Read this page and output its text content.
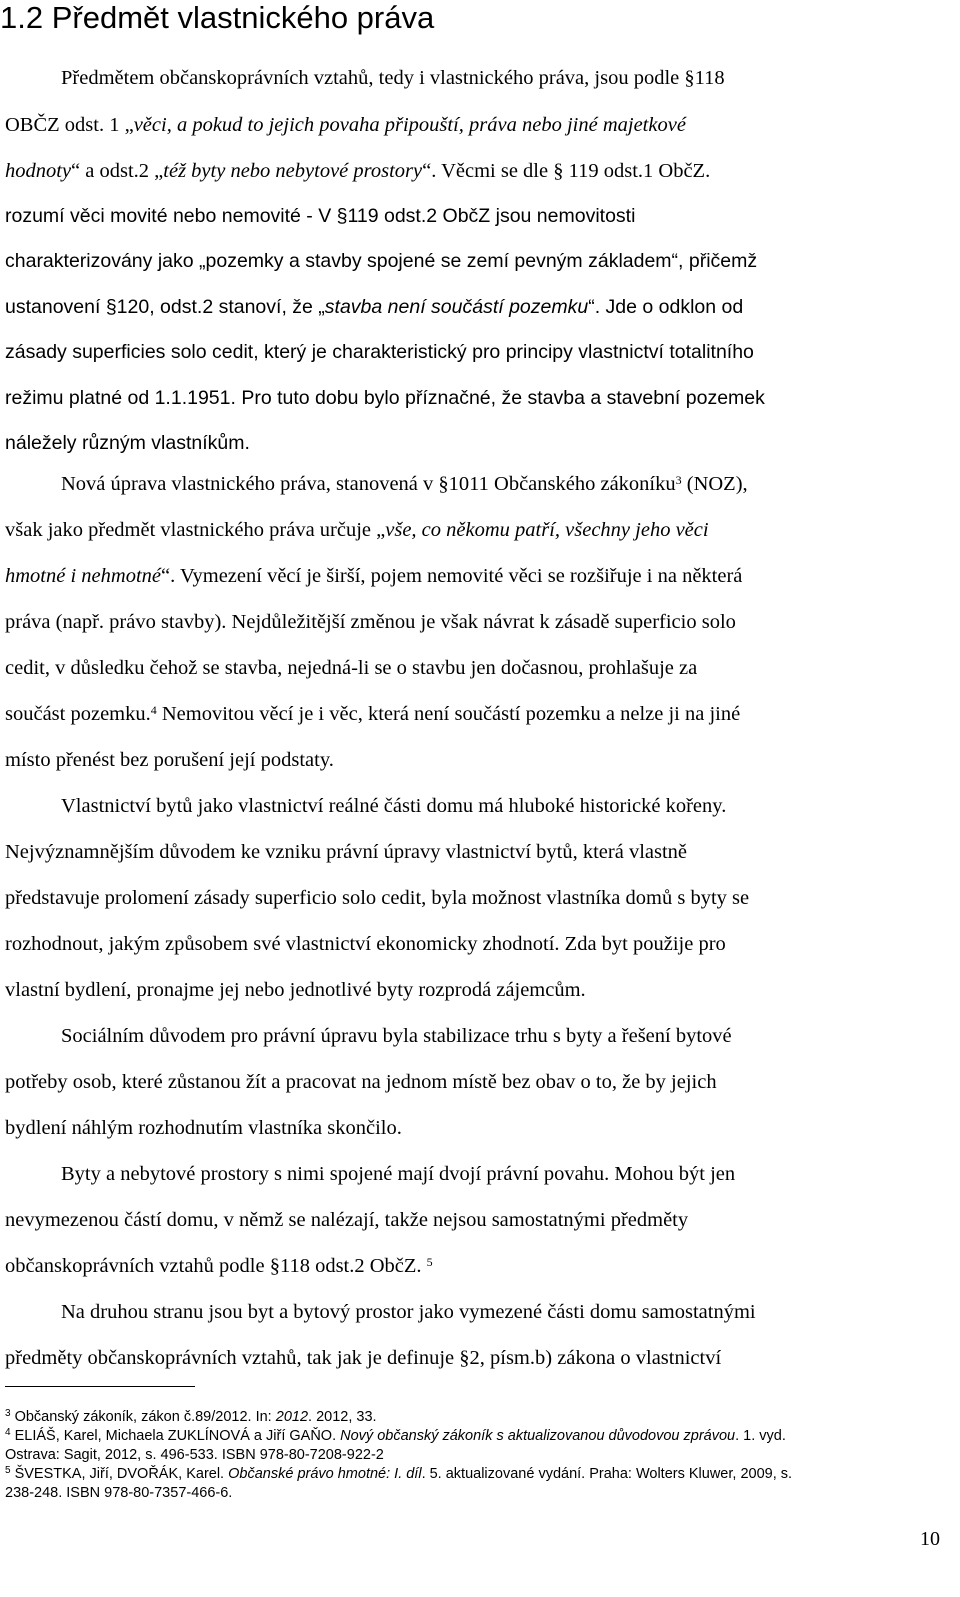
1.2 Předmět vlastnického práva
Předmětem občanskoprávních vztahů, tedy i vlastnického práva, jsou podle §118
OBČZ odst. 1 „věci, a pokud to jejich povaha připouští, práva nebo jiné majetkové
hodnoty“ a odst.2 „též byty nebo nebytové prostory“. Věcmi se dle § 119 odst.1 ObčZ.
rozumí věci movité nebo nemovité - V §119 odst.2 ObčZ jsou nemovitosti
charakterizovány jako „pozemky a stavby spojené se zemí pevným základem“, přičemž
ustanovení §120, odst.2 stanoví, že „stavba není součástí pozemku“. Jde o odklon od
zásady superficies solo cedit, který je charakteristický pro principy vlastnictví totalitního
režimu platné od 1.1.1951. Pro tuto dobu bylo příznačné, že stavba a stavební pozemek
náležely různým vlastníkům.
Nová úprava vlastnického práva, stanovená v §1011 Občanského zákoníku$^3$ (NOZ),
však jako předmět vlastnického práva určuje „vše, co někomu patří, všechny jeho věci
hmotné i nehmotné“. Vymezení věcí je širší, pojem nemovité věci se rozšiřuje i na některá
práva (např. právo stavby). Nejdůležitější změnou je však návrat k zásadě superficio solo
cedit, v důsledku čehož se stavba, nejedná-li se o stavbu jen dočasnou, prohlašuje za
součást pozemku.$^4$ Nemovitou věcí je i věc, která není součástí pozemku a nelze ji na jiné
místo přenést bez porušení její podstaty.
Vlastnictví bytů jako vlastnictví reálné části domu má hluboké historické kořeny.
Nejvýznamnějším důvodem ke vzniku právní úpravy vlastnictví bytů, která vlastně
představuje prolomení zásady superficio solo cedit, byla možnost vlastníka domů s byty se
rozhodnout, jakým způsobem své vlastnictví ekonomicky zhodnotí. Zda byt použije pro
vlastní bydlení, pronajme jej nebo jednotlivé byty rozprodá zájemcům.
Sociálním důvodem pro právní úpravu byla stabilizace trhu s byty a řešení bytové
potřeby osob, které zůstanou žít a pracovat na jednom místě bez obav o to, že by jejich
bydlení náhlým rozhodnutím vlastníka skončilo.
Byty a nebytové prostory s nimi spojené mají dvojí právní povahu. Mohou být jen
nevymezenou částí domu, v němž se nalézají, takže nejsou samostatnými předměty
občanskoprávních vztahů podle §118 odst.2 ObčZ. $^5$
Na druhou stranu jsou byt a bytový prostor jako vymezené části domu samostatnými
předměty občanskoprávních vztahů, tak jak je definuje §2, písm.b) zákona o vlastnictví
$^3$ Občanský zákoník, zákon č.89/2012. In: 2012. 2012, 33.
$^4$ ELIÁŠ, Karel, Michaela ZUKLÍNOVÁ a Jiří GAŇO. Nový občanský zákoník s aktualizovanou důvodovou zprávou. 1. vyd.
Ostrava: Sagit, 2012, s. 496-533. ISBN 978-80-7208-922-2
$^5$ ŠVESTKA, Jiří, DVOŘÁK, Karel. Občanské právo hmotné: I. díl. 5. aktualizované vydání. Praha: Wolters Kluwer, 2009, s.
238-248. ISBN 978-80-7357-466-6.
10
